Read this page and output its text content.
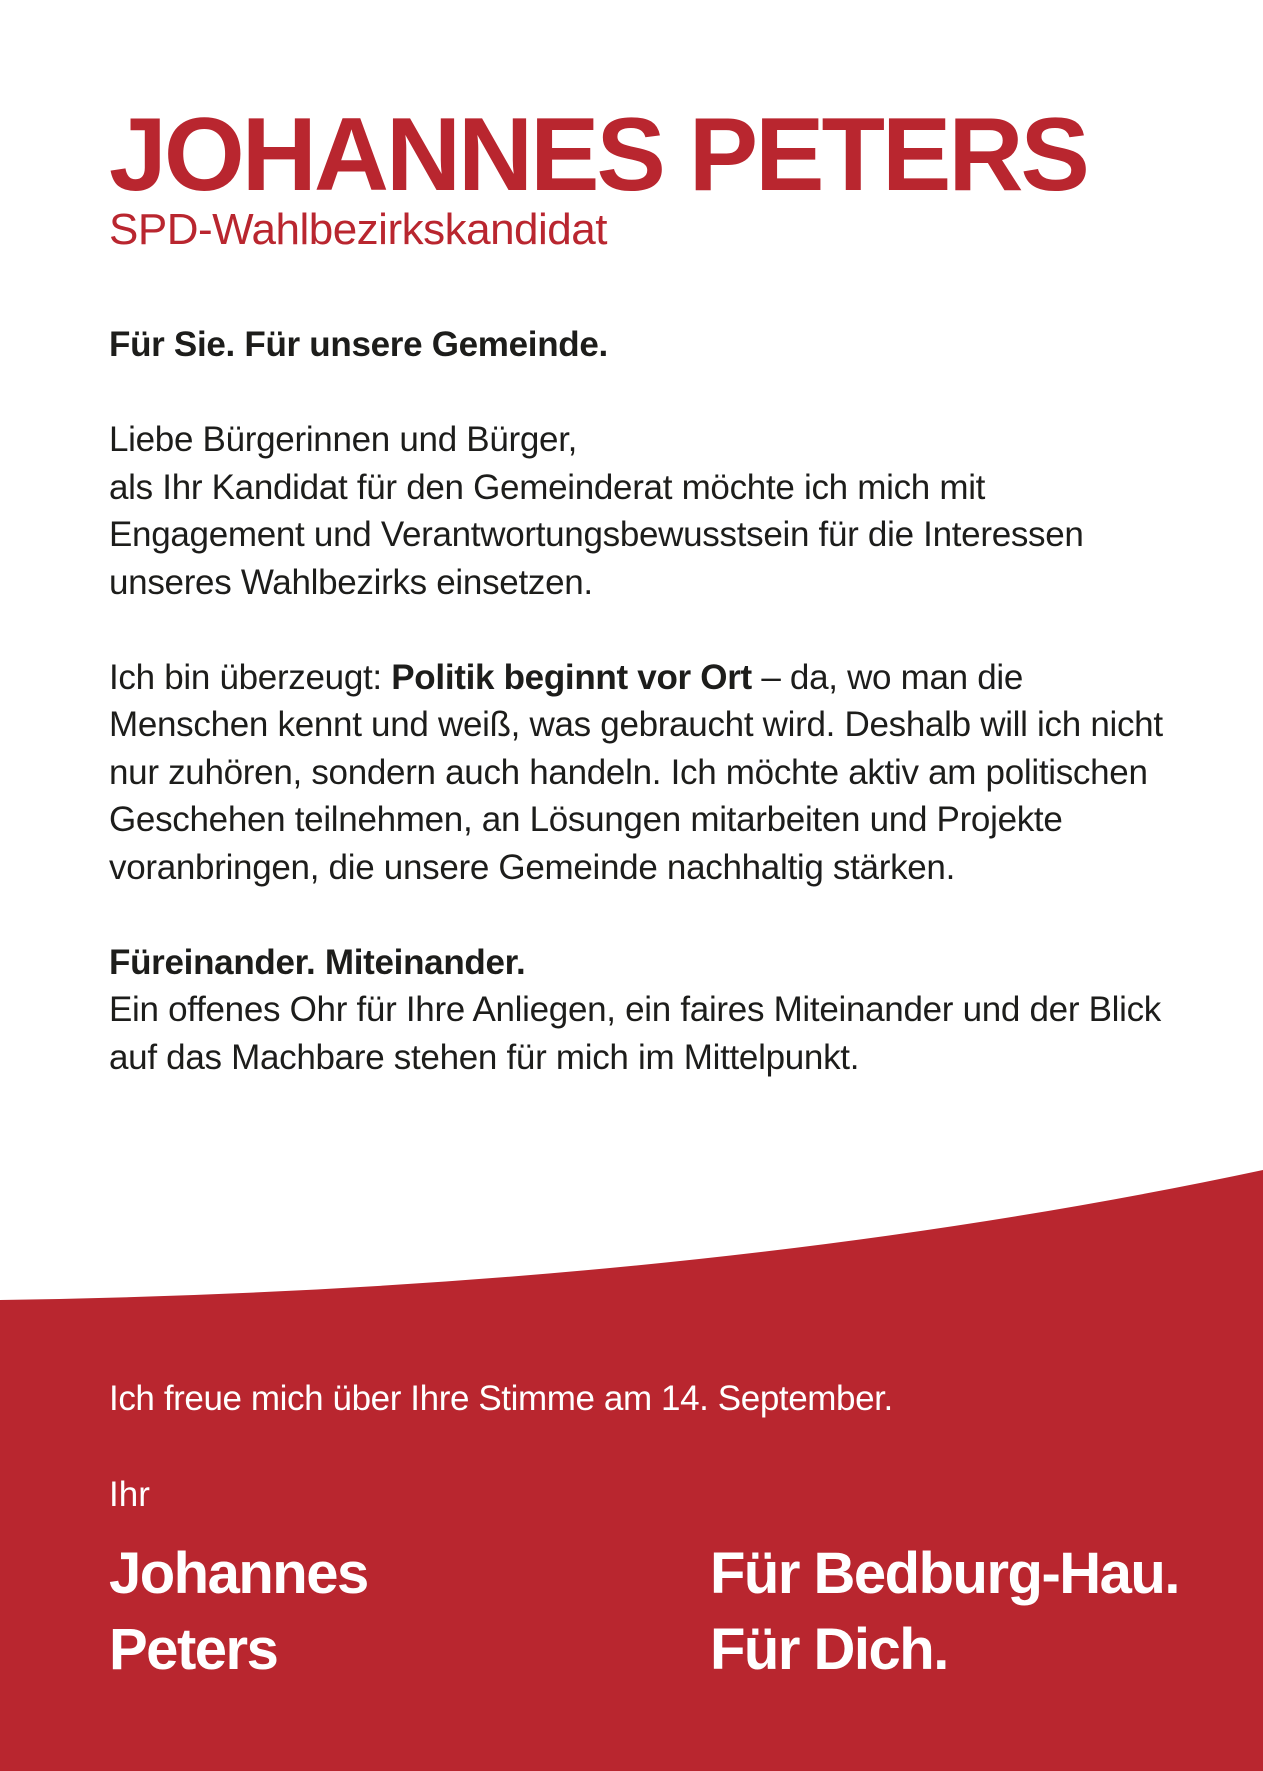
JOHANNES PETERS
SPD-Wahlbezirkskandidat

Für Sie. Für unsere Gemeinde.

Liebe Bürgerinnen und Bürger,

als Ihr Kandidat für den Gemeinderat möchte ich mich mit Engagement und Verantwortungsbewusstsein für die Interessen unseres Wahlbezirks einsetzen.

Ich bin überzeugt: Politik beginnt vor Ort – da, wo man die Menschen kennt und weiß, was gebraucht wird. Deshalb will ich nicht nur zuhören, sondern auch handeln. Ich möchte aktiv am politischen Geschehen teilnehmen, an Lösungen mitarbeiten und Projekte voranbringen, die unsere Gemeinde nachhaltig stärken.

Füreinander. Miteinander.

Ein offenes Ohr für Ihre Anliegen, ein faires Miteinander und der Blick auf das Machbare stehen für mich im Mittelpunkt.

Ich freue mich über Ihre Stimme am 14. September.

Ihr

Johannes
Peters

Für Bedburg-Hau.
Für Dich.
